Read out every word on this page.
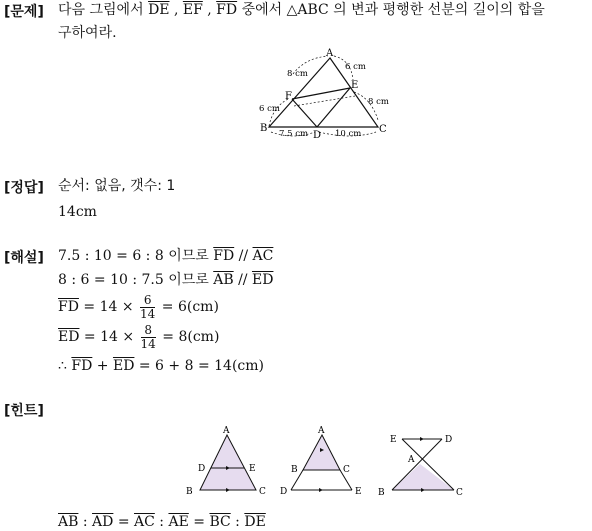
[문제] 다음 그림에서 $\overline{DE}$ , $\overline{EF}$ , $\overline{FD}$ 중에서 △ABC 의 변과 평행한 선분의 길이의 합을
구하여라.
A
B	C
D
E
F
8 cm
6 cm
8 cm
6 cm
7.5 cm	10 cm
[정답] 순서: 없음, 갯수: 1
14cm
[해설] 7.5 : 10 = 6 : 8 이므로 $\overline{FD} // \overline{AC}$
8 : 6 = 10 : 7.5 이므로 $\overline{AB} // \overline{ED}$
$\overline{FD} = 14 \times \frac{6}{14} = 6(cm)$
$\overline{ED} = 14 \times \frac{8}{14} = 8(cm)$
∴ $\overline{FD} + \overline{ED} = 6 + 8 = 14(cm)$
[힌트]
A
D	E
B	C
A
B	C
D	E
E	D
A
B	C
$\overline{AB}$ : $\overline{AD} = \overline{AC}$ : $\overline{AE} = \overline{BC}$ : $\overline{DE}$
